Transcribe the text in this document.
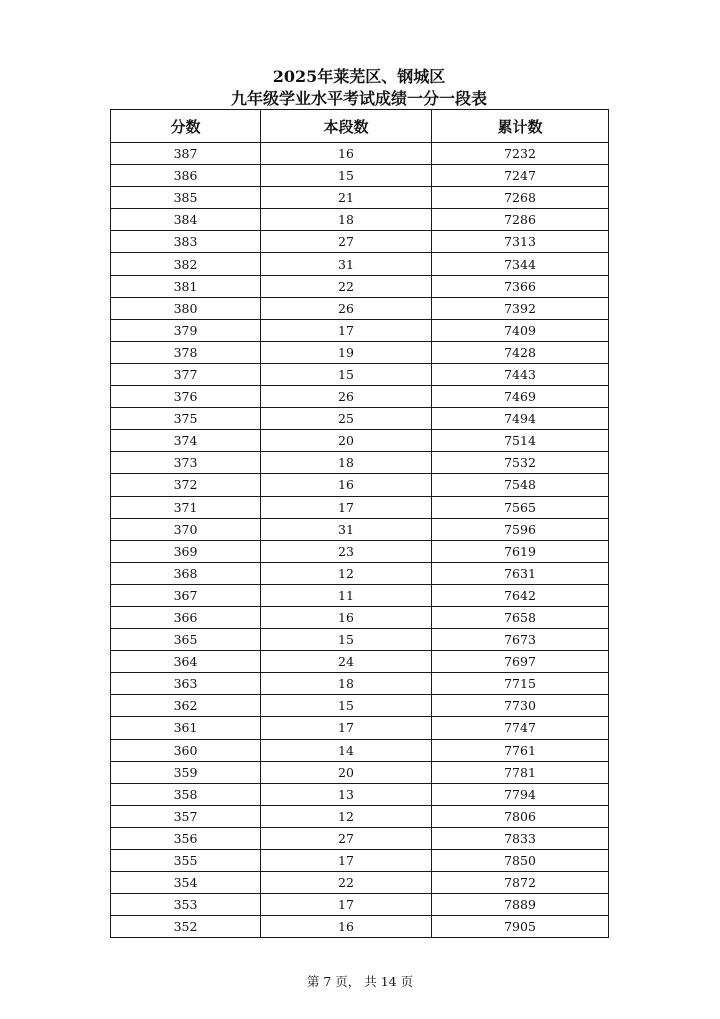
2025年莱芜区、钢城区
九年级学业水平考试成绩一分一段表
分数	本段数	累计数
387	16	7232
386	15	7247
385	21	7268
384	18	7286
383	27	7313
382	31	7344
381	22	7366
380	26	7392
379	17	7409
378	19	7428
377	15	7443
376	26	7469
375	25	7494
374	20	7514
373	18	7532
372	16	7548
371	17	7565
370	31	7596
369	23	7619
368	12	7631
367	11	7642
366	16	7658
365	15	7673
364	24	7697
363	18	7715
362	15	7730
361	17	7747
360	14	7761
359	20	7781
358	13	7794
357	12	7806
356	27	7833
355	17	7850
354	22	7872
353	17	7889
352	16	7905
第 7 页， 共 14 页
